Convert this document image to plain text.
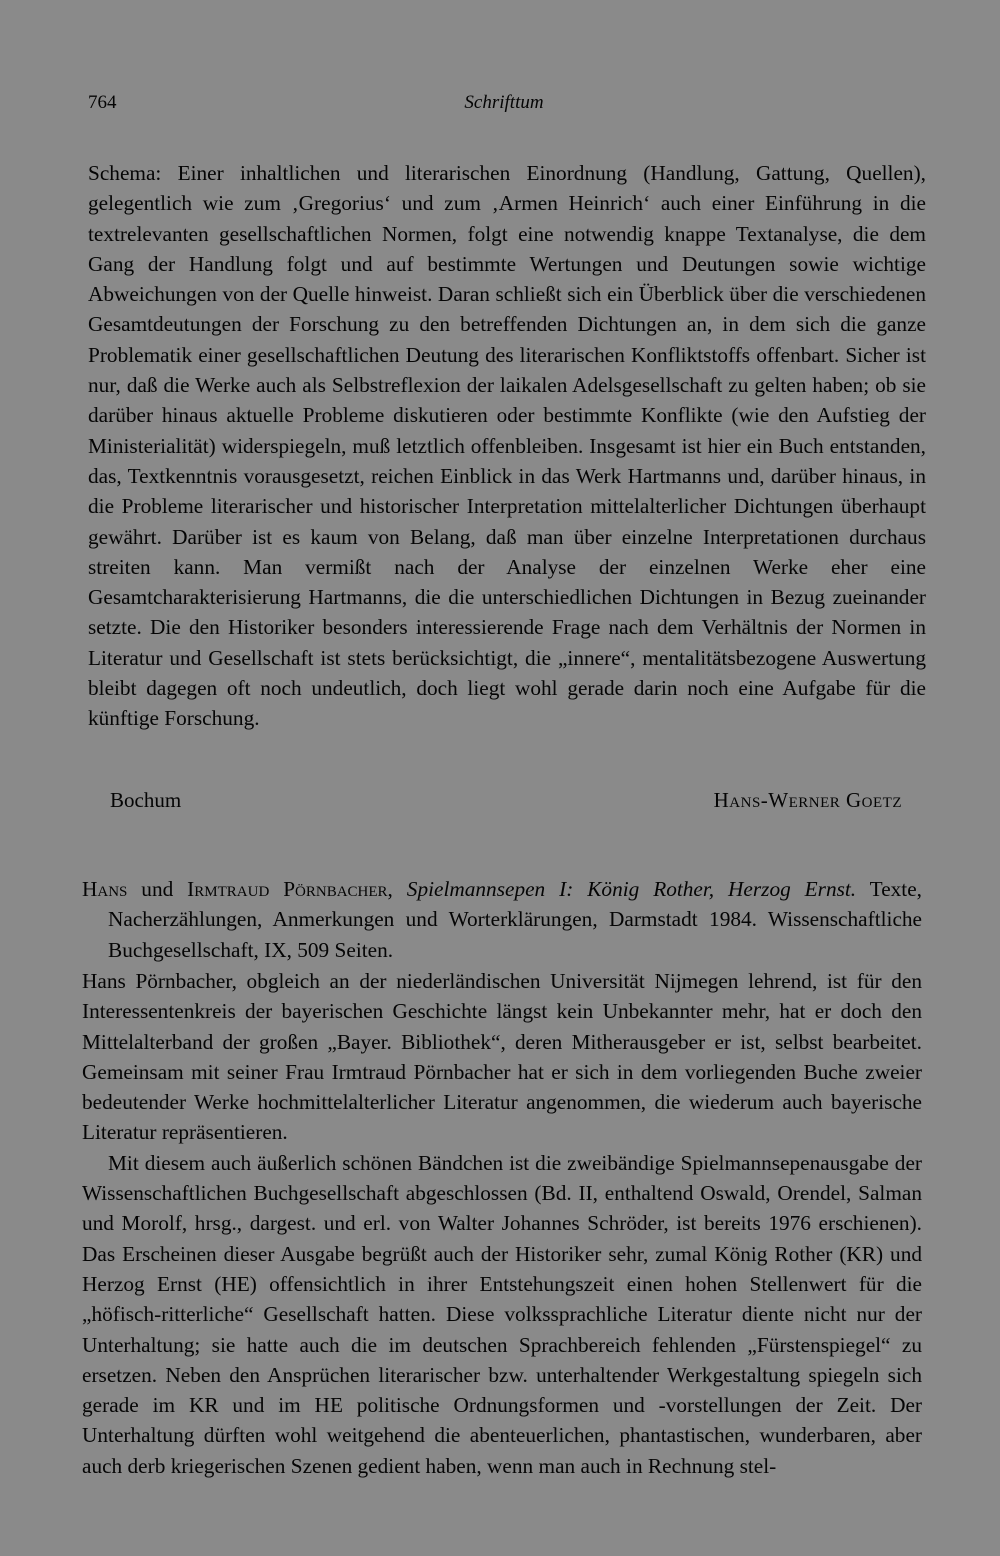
764	Schrifttum
Schema: Einer inhaltlichen und literarischen Einordnung (Handlung, Gattung, Quellen), gelegentlich wie zum ‚Gregorius‘ und zum ‚Armen Heinrich‘ auch einer Einführung in die textrelevanten gesellschaftlichen Normen, folgt eine notwendig knappe Textanalyse, die dem Gang der Handlung folgt und auf bestimmte Wertungen und Deutungen sowie wichtige Abweichungen von der Quelle hinweist. Daran schließt sich ein Überblick über die verschiedenen Gesamtdeutungen der Forschung zu den betreffenden Dichtungen an, in dem sich die ganze Problematik einer gesellschaftlichen Deutung des literarischen Konfliktstoffs offenbart. Sicher ist nur, daß die Werke auch als Selbstreflexion der laikalen Adelsgesellschaft zu gelten haben; ob sie darüber hinaus aktuelle Probleme diskutieren oder bestimmte Konflikte (wie den Aufstieg der Ministerialität) widerspiegeln, muß letztlich offenbleiben. Insgesamt ist hier ein Buch entstanden, das, Textkenntnis vorausgesetzt, reichen Einblick in das Werk Hartmanns und, darüber hinaus, in die Probleme literarischer und historischer Interpretation mittelalterlicher Dichtungen überhaupt gewährt. Darüber ist es kaum von Belang, daß man über einzelne Interpretationen durchaus streiten kann. Man vermißt nach der Analyse der einzelnen Werke eher eine Gesamtcharakterisierung Hartmanns, die die unterschiedlichen Dichtungen in Bezug zueinander setzte. Die den Historiker besonders interessierende Frage nach dem Verhältnis der Normen in Literatur und Gesellschaft ist stets berücksichtigt, die „innere“, mentalitätsbezogene Auswertung bleibt dagegen oft noch undeutlich, doch liegt wohl gerade darin noch eine Aufgabe für die künftige Forschung.
Bochum	Hans-Werner Goetz
Hans und Irmtraud Pörnbacher, Spielmannsepen I: König Rother, Herzog Ernst. Texte, Nacherzählungen, Anmerkungen und Worterklärungen, Darmstadt 1984. Wissenschaftliche Buchgesellschaft, IX, 509 Seiten.

Hans Pörnbacher, obgleich an der niederländischen Universität Nijmegen lehrend, ist für den Interessentenkreis der bayerischen Geschichte längst kein Unbekannter mehr, hat er doch den Mittelalterband der großen „Bayer. Bibliothek“, deren Mitherausgeber er ist, selbst bearbeitet. Gemeinsam mit seiner Frau Irmtraud Pörnbacher hat er sich in dem vorliegenden Buche zweier bedeutender Werke hochmittelalterlicher Literatur angenommen, die wiederum auch bayerische Literatur repräsentieren.

Mit diesem auch äußerlich schönen Bändchen ist die zweibändige Spielmannsepenausgabe der Wissenschaftlichen Buchgesellschaft abgeschlossen (Bd. II, enthaltend Oswald, Orendel, Salman und Morolf, hrsg., dargest. und erl. von Walter Johannes Schröder, ist bereits 1976 erschienen). Das Erscheinen dieser Ausgabe begrüßt auch der Historiker sehr, zumal König Rother (KR) und Herzog Ernst (HE) offensichtlich in ihrer Entstehungszeit einen hohen Stellenwert für die „höfisch-ritterliche“ Gesellschaft hatten. Diese volkssprachliche Literatur diente nicht nur der Unterhaltung; sie hatte auch die im deutschen Sprachbereich fehlenden „Fürstenspiegel“ zu ersetzen. Neben den Ansprüchen literarischer bzw. unterhaltender Werkgestaltung spiegeln sich gerade im KR und im HE politische Ordnungsformen und -vorstellungen der Zeit. Der Unterhaltung dürften wohl weitgehend die abenteuerlichen, phantastischen, wunderbaren, aber auch derb kriegerischen Szenen gedient haben, wenn man auch in Rechnung stel-
